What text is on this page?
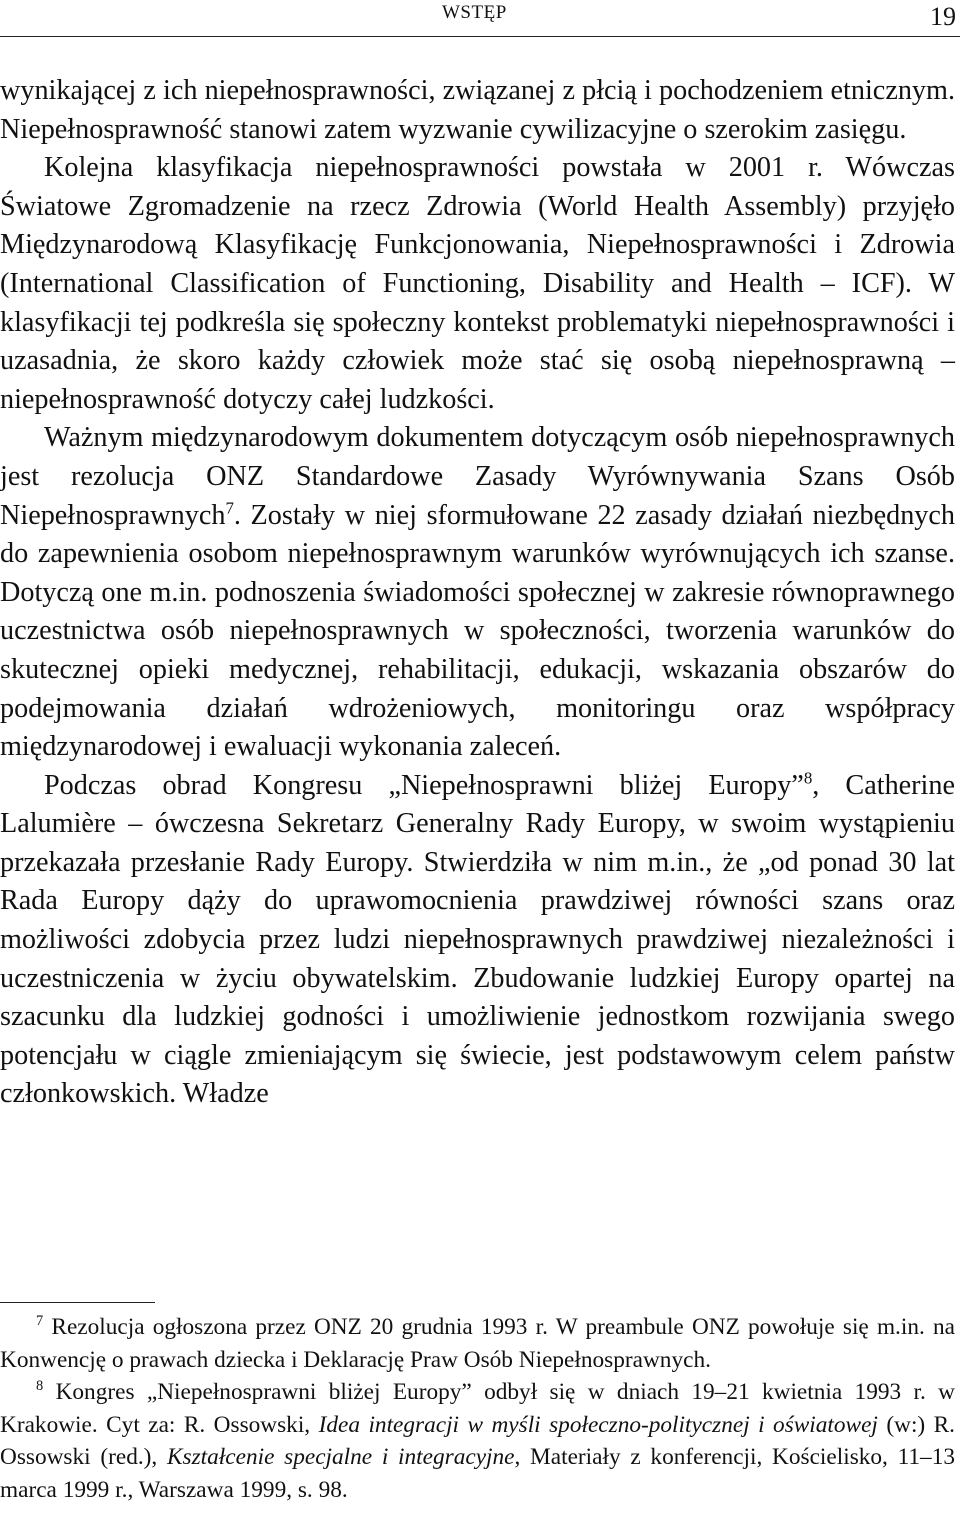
WSTĘP	19

wynikającej z ich niepełnosprawności, związanej z płcią i pochodzeniem etnicznym. Niepełnosprawność stanowi zatem wyzwanie cywilizacyjne o szerokim zasięgu.

Kolejna klasyfikacja niepełnosprawności powstała w 2001 r. Wówczas Światowe Zgromadzenie na rzecz Zdrowia (World Health Assembly) przyjęło Międzynarodową Klasyfikację Funkcjonowania, Niepełnosprawności i Zdrowia (International Classification of Functioning, Disability and Health – ICF). W klasyfikacji tej podkreśla się społeczny kontekst problematyki niepełnosprawności i uzasadnia, że skoro każdy człowiek może stać się osobą niepełnosprawną – niepełnosprawność dotyczy całej ludzkości.

Ważnym międzynarodowym dokumentem dotyczącym osób niepełnosprawnych jest rezolucja ONZ Standardowe Zasady Wyrównywania Szans Osób Niepełnosprawnych$^7$. Zostały w niej sformułowane 22 zasady działań niezbędnych do zapewnienia osobom niepełnosprawnym warunków wyrównujących ich szanse. Dotyczą one m.in. podnoszenia świadomości społecznej w zakresie równoprawnego uczestnictwa osób niepełnosprawnych w społeczności, tworzenia warunków do skutecznej opieki medycznej, rehabilitacji, edukacji, wskazania obszarów do podejmowania działań wdrożeniowych, monitoringu oraz współpracy międzynarodowej i ewaluacji wykonania zaleceń.

Podczas obrad Kongresu „Niepełnosprawni bliżej Europy”$^8$, Catherine Lalumière – ówczesna Sekretarz Generalny Rady Europy, w swoim wystąpieniu przekazała przesłanie Rady Europy. Stwierdziła w nim m.in., że „od ponad 30 lat Rada Europy dąży do uprawomocnienia prawdziwej równości szans oraz możliwości zdobycia przez ludzi niepełnosprawnych prawdziwej niezależności i uczestniczenia w życiu obywatelskim. Zbudowanie ludzkiej Europy opartej na szacunku dla ludzkiej godności i umożliwienie jednostkom rozwijania swego potencjału w ciągle zmieniającym się świecie, jest podstawowym celem państw członkowskich. Władze

$^7$ Rezolucja ogłoszona przez ONZ 20 grudnia 1993 r. W preambule ONZ powołuje się m.in. na Konwencję o prawach dziecka i Deklarację Praw Osób Niepełnosprawnych.

$^8$ Kongres „Niepełnosprawni bliżej Europy” odbył się w dniach 19–21 kwietnia 1993 r. w Krakowie. Cyt za: R. Ossowski, Idea integracji w myśli społeczno-politycznej i oświatowej (w:) R. Ossowski (red.), Kształcenie specjalne i integracyjne, Materiały z konferencji, Kościelisko, 11–13 marca 1999 r., Warszawa 1999, s. 98.
